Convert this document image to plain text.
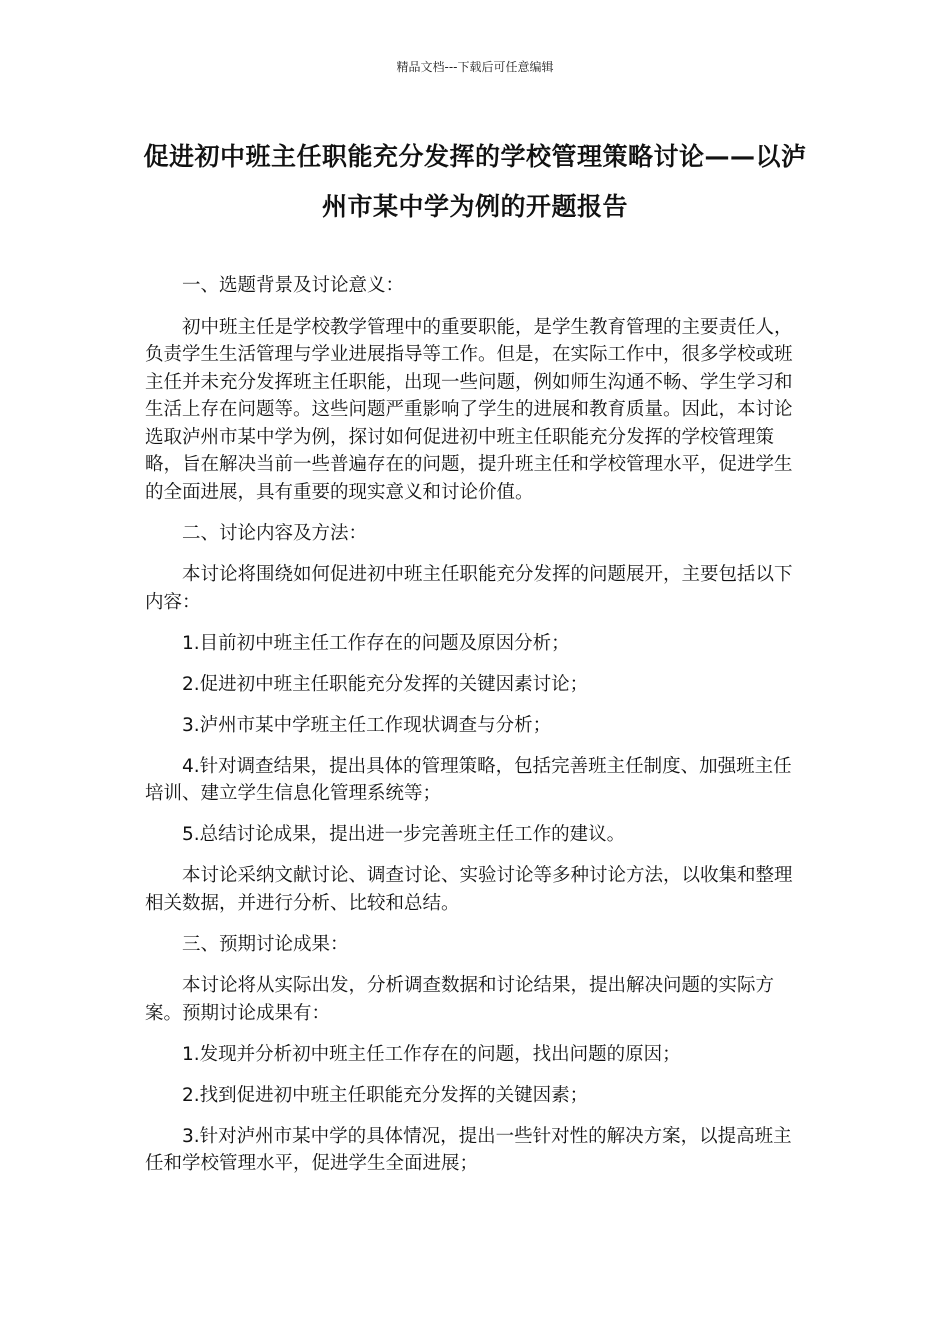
精品文档---下载后可任意编辑
促进初中班主任职能充分发挥的学校管理策略讨论——以泸州市某中学为例的开题报告

一、选题背景及讨论意义：

初中班主任是学校教学管理中的重要职能，是学生教育管理的主要责任人，负责学生生活管理与学业进展指导等工作。但是，在实际工作中，很多学校或班主任并未充分发挥班主任职能，出现一些问题，例如师生沟通不畅、学生学习和生活上存在问题等。这些问题严重影响了学生的进展和教育质量。因此，本讨论选取泸州市某中学为例，探讨如何促进初中班主任职能充分发挥的学校管理策略，旨在解决当前一些普遍存在的问题，提升班主任和学校管理水平，促进学生的全面进展，具有重要的现实意义和讨论价值。

二、讨论内容及方法：

本讨论将围绕如何促进初中班主任职能充分发挥的问题展开，主要包括以下内容：

1.目前初中班主任工作存在的问题及原因分析；

2.促进初中班主任职能充分发挥的关键因素讨论；

3.泸州市某中学班主任工作现状调查与分析；

4.针对调查结果，提出具体的管理策略，包括完善班主任制度、加强班主任培训、建立学生信息化管理系统等；

5.总结讨论成果，提出进一步完善班主任工作的建议。

本讨论采纳文献讨论、调查讨论、实验讨论等多种讨论方法，以收集和整理相关数据，并进行分析、比较和总结。

三、预期讨论成果：

本讨论将从实际出发，分析调查数据和讨论结果，提出解决问题的实际方案。预期讨论成果有：

1.发现并分析初中班主任工作存在的问题，找出问题的原因；

2.找到促进初中班主任职能充分发挥的关键因素；

3.针对泸州市某中学的具体情况，提出一些针对性的解决方案，以提高班主任和学校管理水平，促进学生全面进展；
